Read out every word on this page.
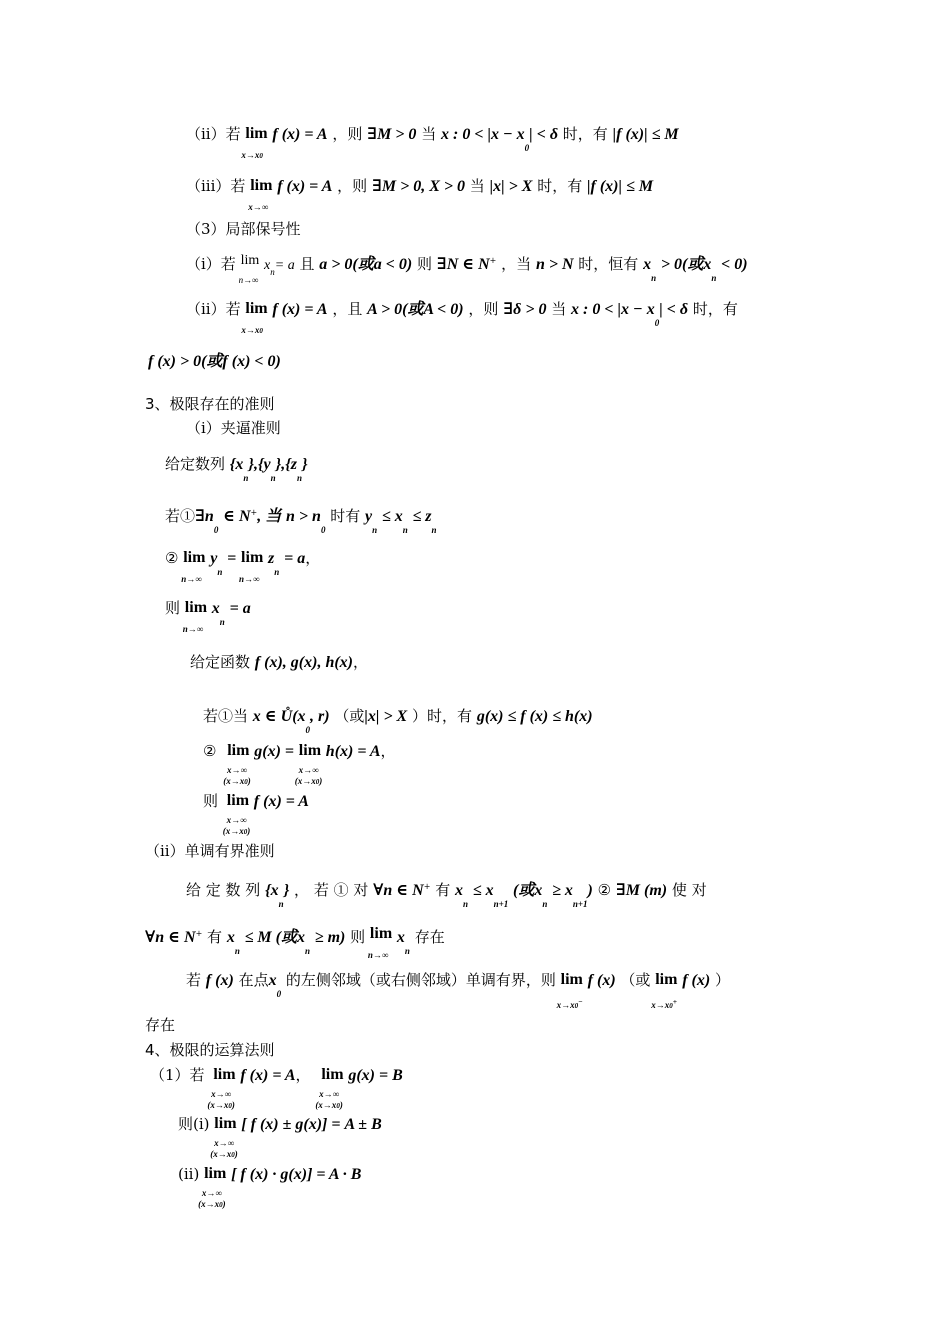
（ii）若 lim
x→x0
f (x) = A ，则 ∃M > 0 当 x : $0 < |x - x_0| < \delta$ 时，有 |f (x)| ≤ M
（iii）若 lim
x→∞
f (x) = A ，则 ∃M > 0, X > 0 当 |x| > X 时，有 |f (x)| ≤ M
（3）局部保号性
（i）若 lim
n→∞
$x_n= a$ 且 a > 0(或a < 0) 则 ∃N ∈ N+ ，当 n > N 时，恒有 $x_n > 0$(或$x_n < 0$)
（ii）若 lim
x→x0
f (x) = A ，且 A > 0(或A < 0) ，则 ∃δ > 0 当 x : $0 < |x - x_0| < \delta$ 时，有
f (x) > 0(或f (x) < 0)
3、极限存在的准则
（i）夹逼准则
给定数列 $\{x_n\},\{y_n\},\{z_n\}$
若$①\exists n_0$ ∈ N+, 当 $n > n_0$ 时有 $y_n \le x_n \le z_n$
② lim
n→∞
$y_n = \lim$
n→∞
$z_n = a$，
则 lim
n→∞
$x_n = a$
给定函数 f (x), g(x), h(x)，
若①当 x ∈ $Ů(x_0$, r) （或|x| > X ）时，有 g(x) ≤ f (x) ≤ h(x)
② lim
x→∞
(x→x0)
g(x) = lim
x→∞
(x→x0)
h(x) = A，
则 lim
x→∞
(x→x0)
f (x) = A
（ii）单调有界准则
给 定 数 列 $\{x_n\}$ ， 若 ① 对 ∀n ∈ N+ 有 $x_n \le x_{n+1}$ (或$x_n \ge x_{n+1}$) ② ∃M (m) 使 对
∀n ∈ N+ 有 $x_n \le M$ (或$x_n \ge m$) 则 lim
n→∞
$x_n$ 存在
若 f (x) 在点$x_0$ 的左侧邻域（或右侧邻域）单调有界，则 lim
x→x0−
f (x) （或 lim
x→x0+
f (x) ）
存在
4、极限的运算法则
（1）若 lim
x→∞
(x→x0)
f (x) = A， lim
x→∞
(x→x0)
g(x) = B
则(i) lim
x→∞
(x→x0)
[ f (x) ± g(x)] = A ± B
(ii) lim
x→∞
(x→x0)
[ f (x) · g(x)] = A · B
